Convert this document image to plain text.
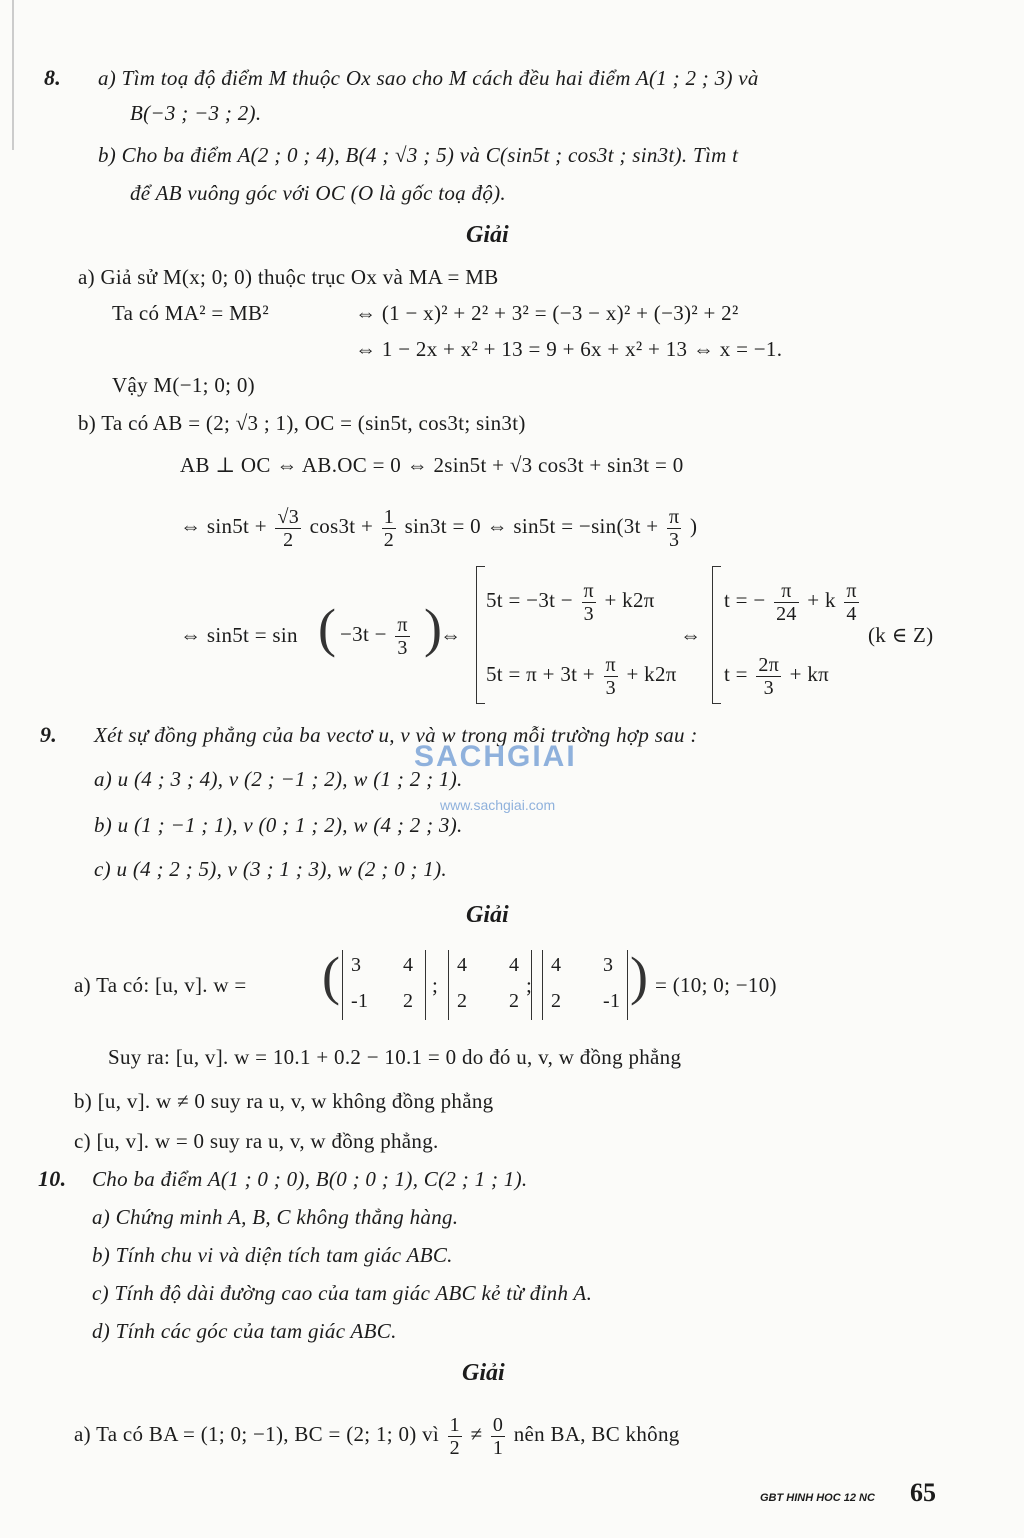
8. a) Tìm toạ độ điểm M thuộc Ox sao cho M cách đều hai điểm A(1 ; 2 ; 3) và
B(−3 ; −3 ; 2).
b) Cho ba điểm A(2 ; 0 ; 4), B(4 ; √3 ; 5) và C(sin5t ; cos3t ; sin3t). Tìm t
để AB vuông góc với OC (O là gốc toạ độ).
Giải
a) Giả sử M(x; 0; 0) thuộc trục Ox và MA = MB
Ta có MA² = MB²	⇔ (1 − x)² + 2² + 3² = (−3 − x)² + (−3)² + 2²
⇔ 1 − 2x + x² + 13 = 9 + 6x + x² + 13 ⇔ x = −1.
Vậy M(−1; 0; 0)
b) Ta có AB = (2; √3 ; 1), OC = (sin5t, cos3t; sin3t)
AB ⊥ OC ⇔ AB.OC = 0 ⇔ 2sin5t + √3 cos3t + sin3t = 0
⇔ $\sin 5t + \frac{√3}{2} \cos 3t + \frac{1}{2} \sin 3t = 0$ ⇔ $\sin 5t = -\sin(3t + \frac{\pi}{3}$ )
⇔ sin5t = sin ( $-3t - \frac{\pi}{3}$ )
⇔
$5t = -3t - \frac{\pi}{3} + k2\pi$
$5t = \pi + 3t + \frac{\pi}{3} + k2\pi$
⇔
t = − $\frac{\pi}{24} + k \frac{\pi}{4}$
$t = \frac{2\pi}{3} + k\pi$
(k ∈ Z)
9. Xét sự đồng phẳng của ba vectơ u, v và w trong mỗi trường hợp sau :
a) u (4 ; 3 ; 4), v (2 ; −1 ; 2), w (1 ; 2 ; 1).
b) u (1 ; −1 ; 1), v (0 ; 1 ; 2), w (4 ; 2 ; 3).
c) u (4 ; 2 ; 5), v (3 ; 1 ; 3), w (2 ; 0 ; 1).
SACHGIAI
www.sachgiai.com
Giải
a) Ta có: [u, v]. w = ( 3 4
-1 2
4 4
2 2
4 3
2 -1
;	; ) = (10; 0; −10)
Suy ra: [u, v]. w = 10.1 + 0.2 − 10.1 = 0 do đó u, v, w đồng phẳng
b) [u, v]. w ≠ 0 suy ra u, v, w không đồng phẳng
c) [u, v]. w = 0 suy ra u, v, w đồng phẳng.
10. Cho ba điểm A(1 ; 0 ; 0), B(0 ; 0 ; 1), C(2 ; 1 ; 1).
a) Chứng minh A, B, C không thẳng hàng.
b) Tính chu vi và diện tích tam giác ABC.
c) Tính độ dài đường cao của tam giác ABC kẻ từ đỉnh A.
d) Tính các góc của tam giác ABC.
Giải
a) Ta có BA = (1; 0; −1), BC = (2; 1; 0) vì $\frac{1}{2} \ne \frac{0}{1}$ nên BA, BC không
GBT HINH HOC 12 NC 65
